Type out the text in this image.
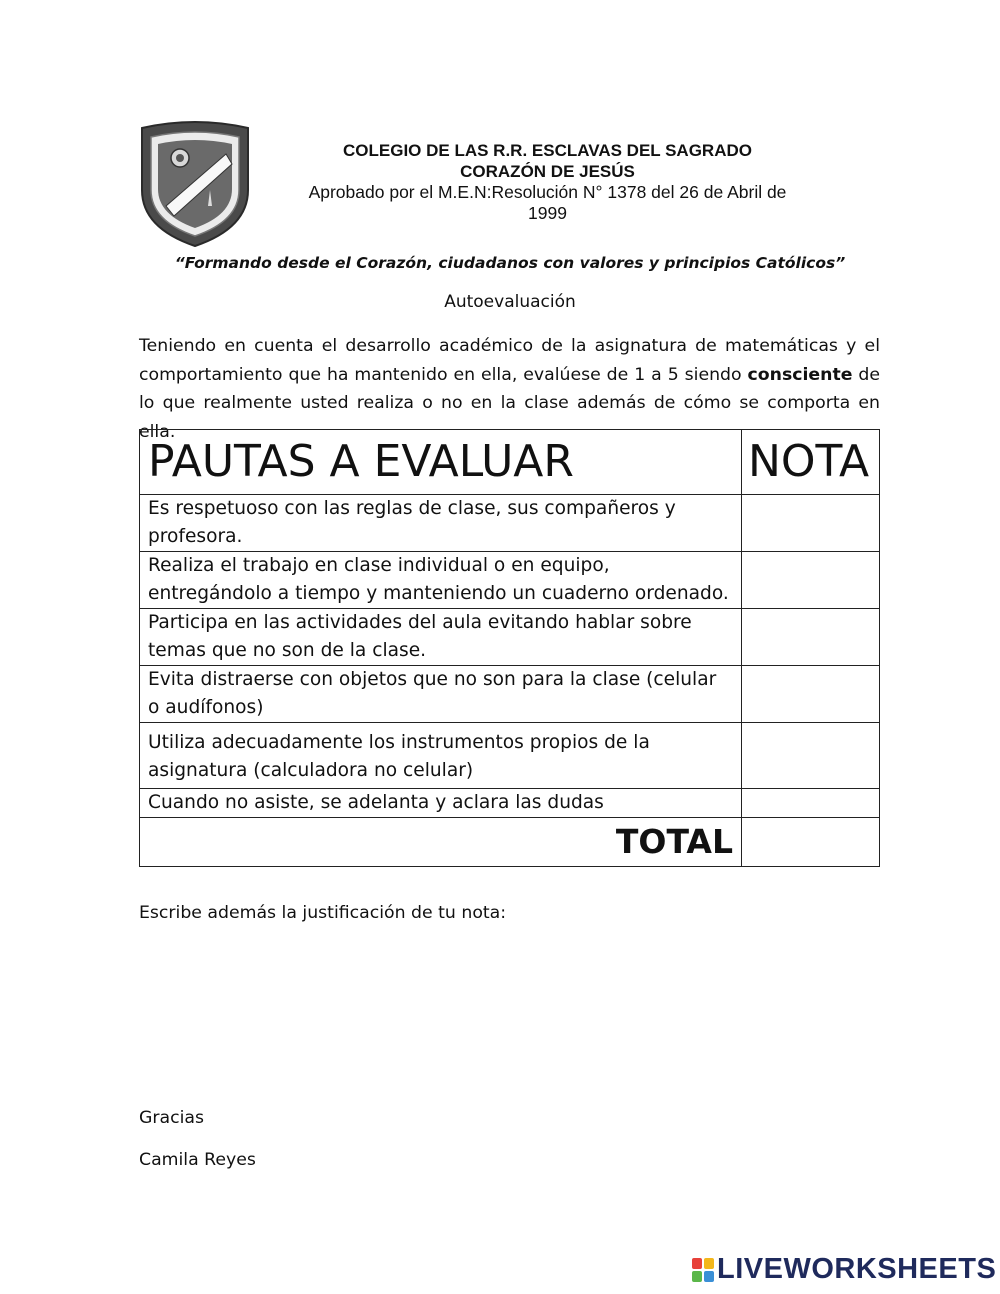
COLEGIO DE LAS R.R. ESCLAVAS DEL SAGRADO
CORAZÓN DE JESÚS
Aprobado por el M.E.N:Resolución N° 1378 del 26 de Abril de
1999
“Formando desde el Corazón, ciudadanos con valores y principios Católicos”
Autoevaluación
Teniendo en cuenta el desarrollo académico de la asignatura de matemáticas y el comportamiento que ha mantenido en ella, evalúese de 1 a 5 siendo consciente de lo que realmente usted realiza o no en la clase además de cómo se comporta en ella.
PAUTAS A EVALUAR	NOTA
Es respetuoso con las reglas de clase, sus compañeros y profesora.	
Realiza el trabajo en clase individual o en equipo, entregándolo a tiempo y manteniendo un cuaderno ordenado.	
Participa en las actividades del aula evitando hablar sobre temas que no son de la clase.	
Evita distraerse con objetos que no son para la clase (celular o audífonos)	
Utiliza adecuadamente los instrumentos propios de la asignatura (calculadora no celular)	
Cuando no asiste, se adelanta y aclara las dudas	
TOTAL	
Escribe además la justificación de tu nota:
Gracias
Camila Reyes
LIVEWORKSHEETS
